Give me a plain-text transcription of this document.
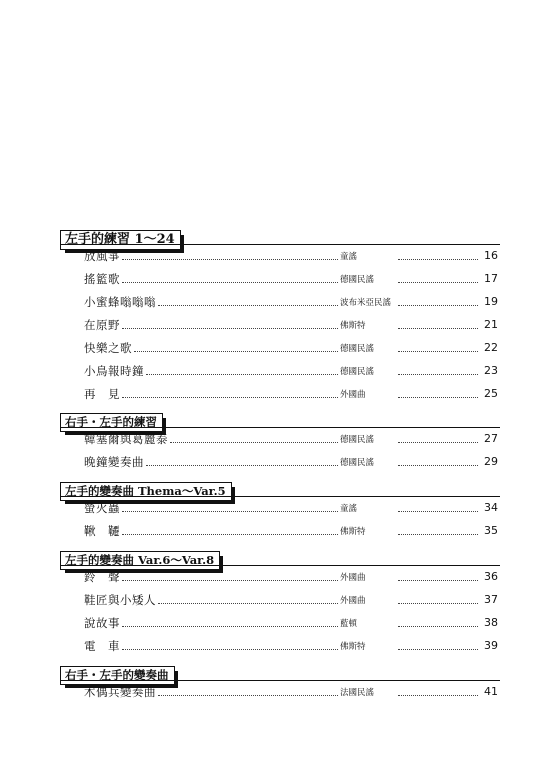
左手的練習 1～24
放風箏	童謠	16
搖籃歌	德國民謠	17
小蜜蜂嗡嗡嗡	波布米亞民謠	19
在原野	佛斯特	21
快樂之歌	德國民謠	22
小鳥報時鐘	德國民謠	23
再　見	外國曲	25
右手・左手的練習
韓塞爾與葛麗泰	德國民謠	27
晚鐘變奏曲	德國民謠	29
左手的變奏曲 Thema～Var.5
螢火蟲	童謠	34
鞦　韆	佛斯特	35
左手的變奏曲 Var.6～Var.8
鈴　聲	外國曲	36
鞋匠與小矮人	外國曲	37
說故事	藍頓	38
電　車	佛斯特	39
右手・左手的變奏曲
木偶兵變奏曲	法國民謠	41
